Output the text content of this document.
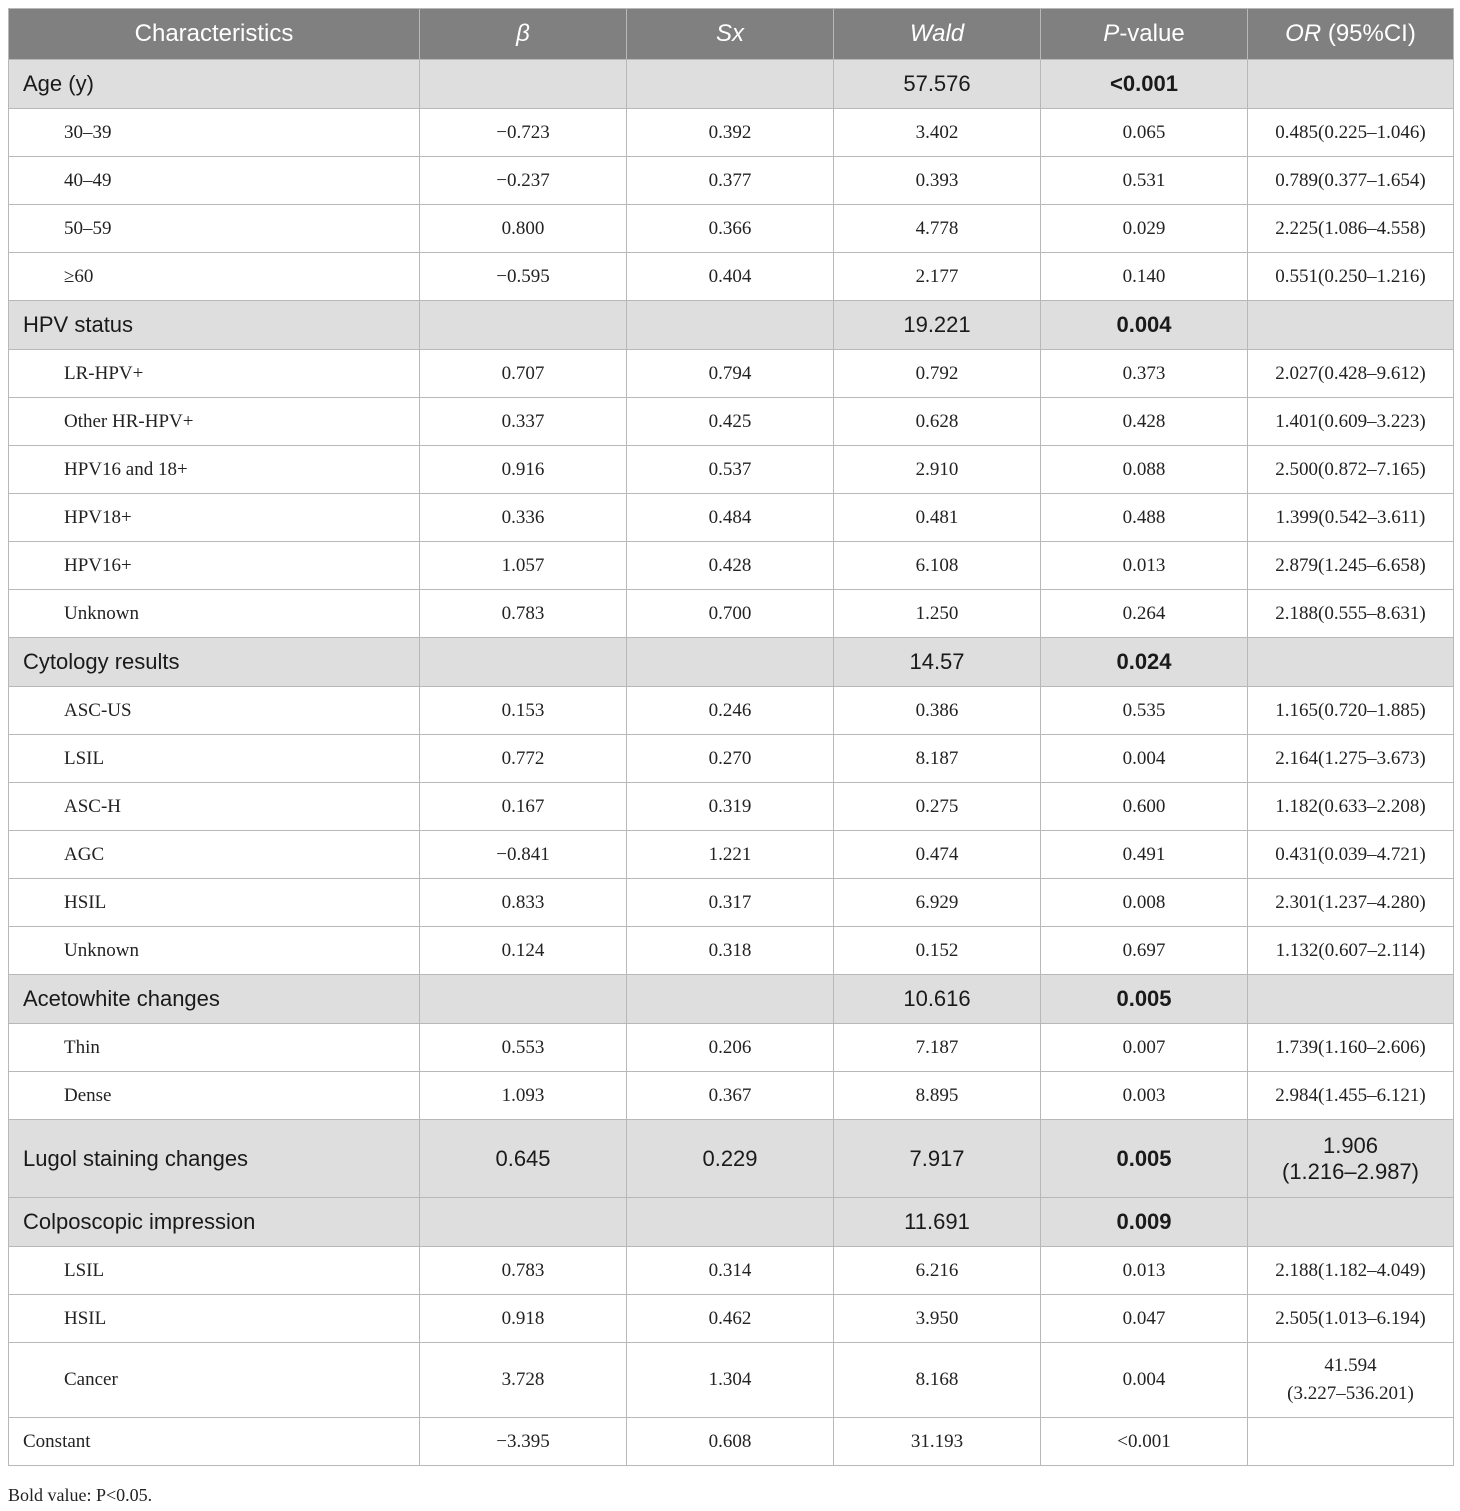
Characteristics	β	Sx	Wald	P-value	OR (95%CI)
Age (y)			57.576	<0.001	
30–39	−0.723	0.392	3.402	0.065	0.485(0.225–1.046)
40–49	−0.237	0.377	0.393	0.531	0.789(0.377–1.654)
50–59	0.800	0.366	4.778	0.029	2.225(1.086–4.558)
≥60	−0.595	0.404	2.177	0.140	0.551(0.250–1.216)
HPV status			19.221	0.004	
LR-HPV+	0.707	0.794	0.792	0.373	2.027(0.428–9.612)
Other HR-HPV+	0.337	0.425	0.628	0.428	1.401(0.609–3.223)
HPV16 and 18+	0.916	0.537	2.910	0.088	2.500(0.872–7.165)
HPV18+	0.336	0.484	0.481	0.488	1.399(0.542–3.611)
HPV16+	1.057	0.428	6.108	0.013	2.879(1.245–6.658)
Unknown	0.783	0.700	1.250	0.264	2.188(0.555–8.631)
Cytology results			14.57	0.024	
ASC-US	0.153	0.246	0.386	0.535	1.165(0.720–1.885)
LSIL	0.772	0.270	8.187	0.004	2.164(1.275–3.673)
ASC-H	0.167	0.319	0.275	0.600	1.182(0.633–2.208)
AGC	−0.841	1.221	0.474	0.491	0.431(0.039–4.721)
HSIL	0.833	0.317	6.929	0.008	2.301(1.237–4.280)
Unknown	0.124	0.318	0.152	0.697	1.132(0.607–2.114)
Acetowhite changes			10.616	0.005	
Thin	0.553	0.206	7.187	0.007	1.739(1.160–2.606)
Dense	1.093	0.367	8.895	0.003	2.984(1.455–6.121)
Lugol staining changes	0.645	0.229	7.917	0.005	1.906
(1.216–2.987)

Colposcopic impression			11.691	0.009	
LSIL	0.783	0.314	6.216	0.013	2.188(1.182–4.049)
HSIL	0.918	0.462	3.950	0.047	2.505(1.013–6.194)
Cancer	3.728	1.304	8.168	0.004	41.594
(3.227–536.201)

Constant	−3.395	0.608	31.193	<0.001	
Bold value: P<0.05.
